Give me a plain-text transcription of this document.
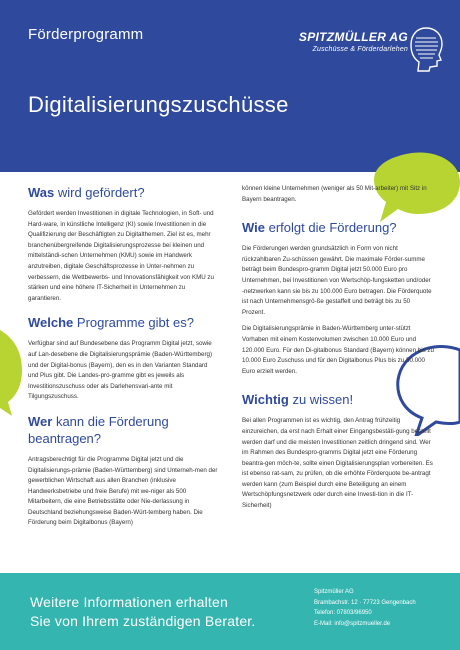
Förderprogramm	SPITZMÜLLER AG
Zuschüsse & Förderdarlehen
Digitalisierungszuschüsse
Was wird gefördert?

Gefördert werden Investitionen in digitale Technologien, in Soft- und Hard-ware, in künstliche Intelligenz (KI) sowie Investitionen in die Qualifizierung der Beschäftigten zu Digitalthemen. Ziel ist es, mehr branchenübergreifende Digitalisierungsprozesse bei kleinen und mittelständi-schen Unternehmen (KMU) sowie im Handwerk anzutreiben, digitale Geschäftsprozesse in Unter-nehmen zu verbessern, die Wettbewerbs- und Innovationsfähigkeit von KMU zu stärken und eine höhere IT-Sicherheit in Unternehmen zu garantieren.

Welche Programme gibt es?

Verfügbar sind auf Bundesebene das Programm Digital jetzt, sowie auf Lan-desebene die Digitalisierungsprämie (Baden-Württemberg) und der Digital-bonus (Bayern), den es in den Varianten Standard und Plus gibt. Die Landes-pro-gramme gibt es jeweils als Investitionszuschuss oder als Darlehensvari-ante mit Tilgungszuschuss.

Wer kann die Förderung beantragen?

Antragsberechtigt für die Programme Digital jetzt und die Digitalisierungs-prämie (Baden-Württemberg) sind Unterneh-men der gewerblichen Wirtschaft aus allen Branchen (inklusive Handwerksbetriebe und freie Berufe) mit we-niger als 500 Mitarbeitern, die eine Betriebsstätte oder Nie-derlassung in Deutschland beziehungsweise Baden-Würt-temberg haben. Die Förderung beim Digitalbonus (Bayern)

können kleine Unternehmen (weniger als 50 Mit-arbeiter) mit Sitz in Bayern beantragen.

Wie erfolgt die Förderung?

Die Förderungen werden grundsätzlich in Form von nicht rückzahlbaren Zu-schüssen gewährt. Die maximale Förder-summe beträgt beim Bundespro-gramm Digital jetzt 50.000 Euro pro Unternehmen, bei Investitionen von Wertschöp-fungsketten und/oder -netzwerken kann sie bis zu 100.000 Euro betragen. Die Förderquote ist nach Unternehmensgrö-ße gestaffelt und beträgt bis zu 50 Prozent.

Die Digitalisierungsprämie in Baden-Württemberg unter-stützt Vorhaben mit einem Kostenvolumen zwischen 10.000 Euro und 120.000 Euro. Für den Di-gitalbonus Standard (Bayern) können bis zu 10.000 Euro Zuschuss und für den Digitalbonus Plus bis zu 50.000 Euro erzielt werden.

Wichtig zu wissen!

Bei allen Programmen ist es wichtig, den Antrag frühzeitig einzureichen, da erst nach Erhalt einer Eingangsbestäti-gung bestellt werden darf und die meisten Investitionen zeitlich dringend sind. Wer im Rahmen des Bundespro-gramms Digital jetzt eine Förderung beantra-gen möch-te, sollte einen Digitalisierungsplan vorbereiten. Es ist ebenso rat-sam, zu prüfen, ob die erhöhte Förderquote be-antragt werden kann (zum Beispiel durch eine Beteiligung an einem Wertschöpfungsnetzwerk oder durch eine Investi-tion in die IT-Sicherheit)

Weitere Informationen erhalten
Sie von Ihrem zuständigen Berater.
Spitzmüller AG
Brambachstr. 12 · 77723 Gengenbach
Telefon: 07803/96950
E-Mail: info@spitzmueller.de
